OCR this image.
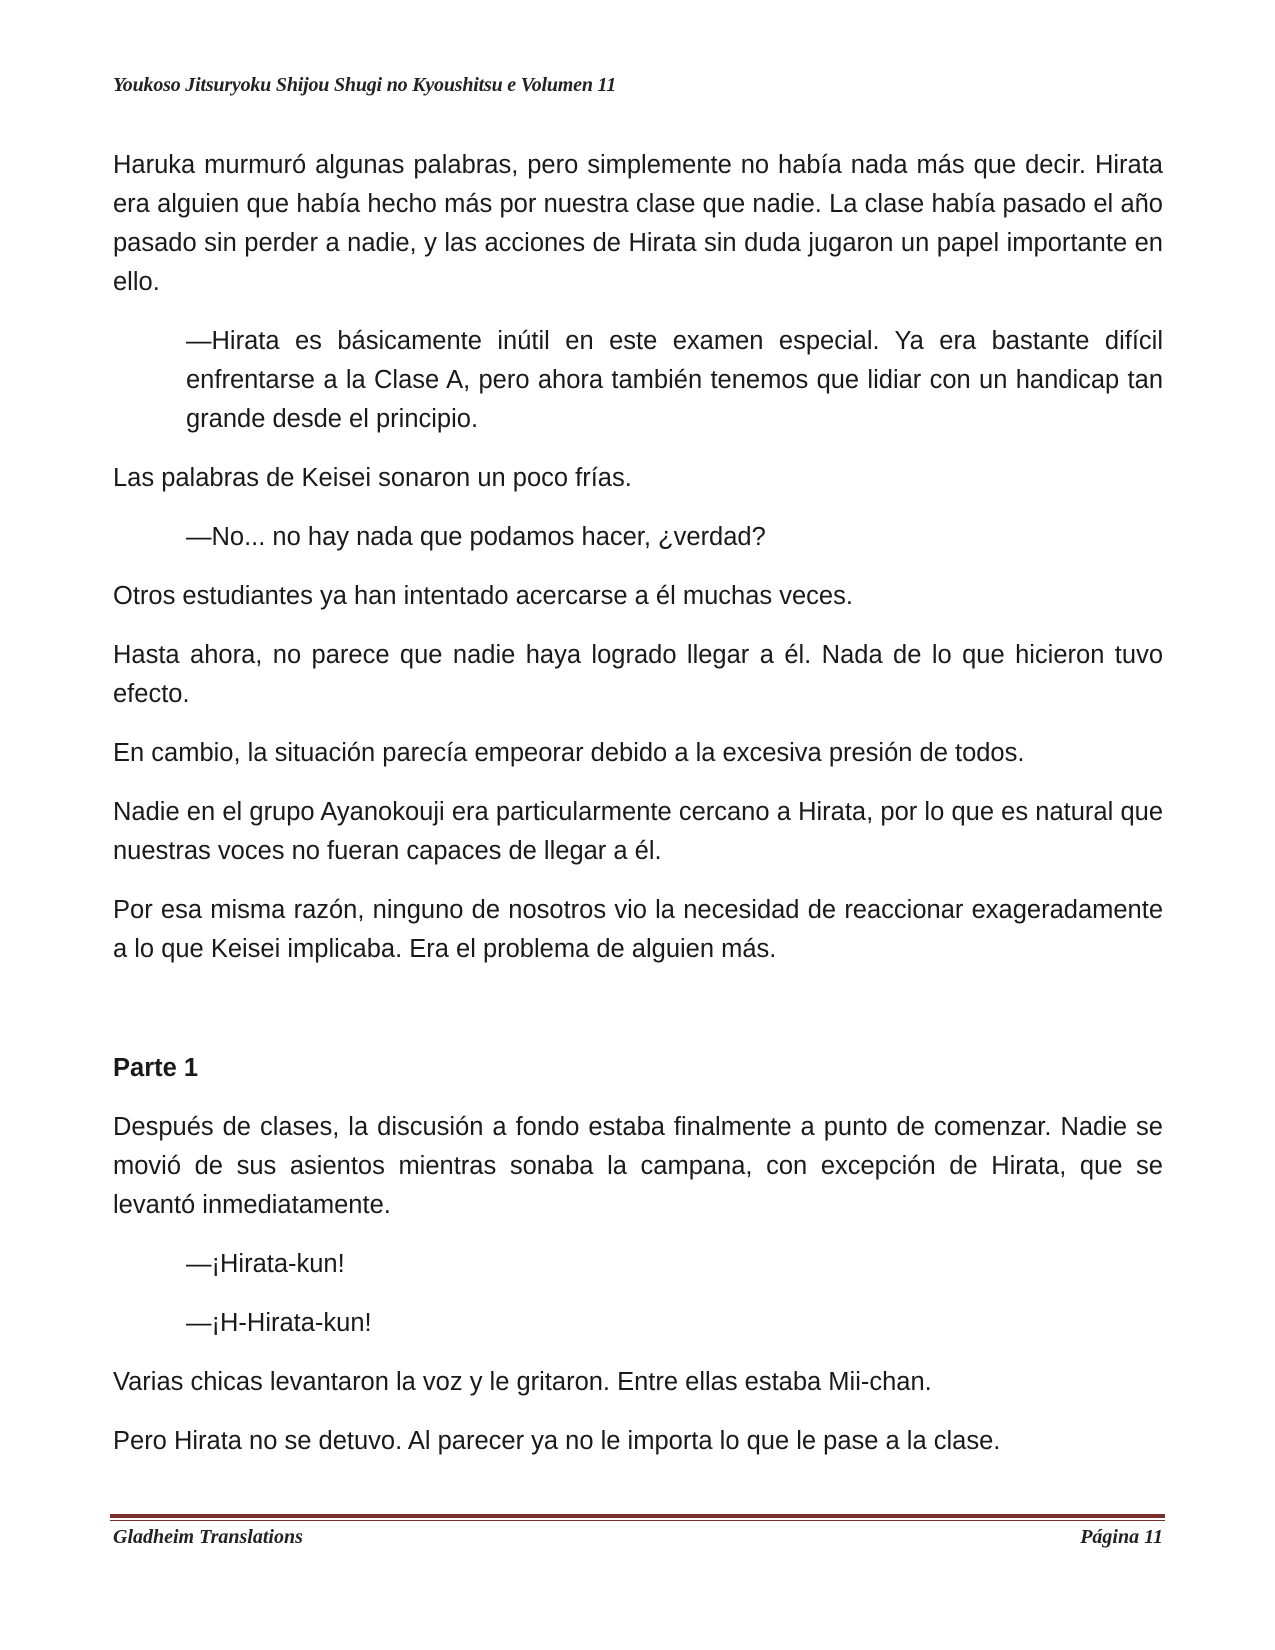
Youkoso Jitsuryoku Shijou Shugi no Kyoushitsu e Volumen 11

Haruka murmuró algunas palabras, pero simplemente no había nada más que decir. Hirata era alguien que había hecho más por nuestra clase que nadie. La clase había pasado el año pasado sin perder a nadie, y las acciones de Hirata sin duda jugaron un papel importante en ello.

—Hirata es básicamente inútil en este examen especial. Ya era bastante difícil enfrentarse a la Clase A, pero ahora también tenemos que lidiar con un handicap tan grande desde el principio.

Las palabras de Keisei sonaron un poco frías.

—No... no hay nada que podamos hacer, ¿verdad?

Otros estudiantes ya han intentado acercarse a él muchas veces.

Hasta ahora, no parece que nadie haya logrado llegar a él. Nada de lo que hicieron tuvo efecto.

En cambio, la situación parecía empeorar debido a la excesiva presión de todos.

Nadie en el grupo Ayanokouji era particularmente cercano a Hirata, por lo que es natural que nuestras voces no fueran capaces de llegar a él.

Por esa misma razón, ninguno de nosotros vio la necesidad de reaccionar exageradamente a lo que Keisei implicaba. Era el problema de alguien más.

Parte 1

Después de clases, la discusión a fondo estaba finalmente a punto de comenzar. Nadie se movió de sus asientos mientras sonaba la campana, con excepción de Hirata, que se levantó inmediatamente.

—¡Hirata-kun!

—¡H-Hirata-kun!

Varias chicas levantaron la voz y le gritaron. Entre ellas estaba Mii-chan.

Pero Hirata no se detuvo. Al parecer ya no le importa lo que le pase a la clase.

Gladheim Translations	Página 11
